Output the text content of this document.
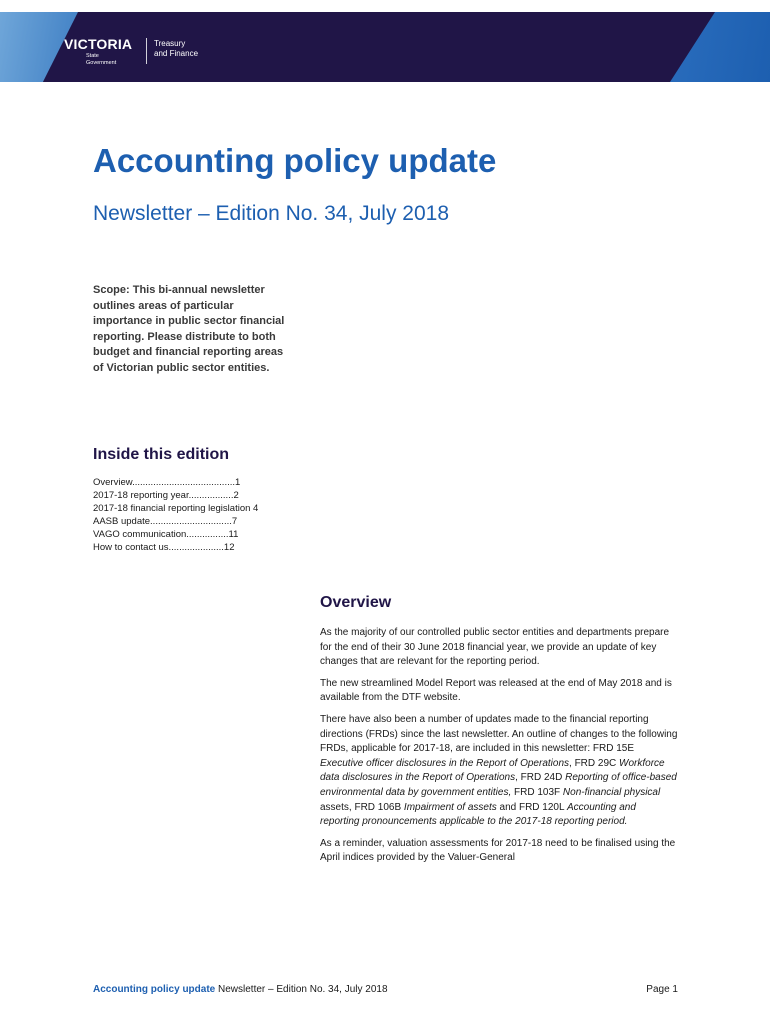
VICTORIA
State
Government
Treasury
and Finance
Accounting policy update
Newsletter – Edition No. 34, July 2018

Scope: This bi-annual newsletter outlines areas of particular importance in public sector financial reporting. Please distribute to both budget and financial reporting areas of Victorian public sector entities.

Inside this edition
Overview.......................................1
2017-18 reporting year.................2
2017-18 financial reporting legislation 4
AASB update...............................7
VAGO communication................11
How to contact us.....................12
Overview

As the majority of our controlled public sector entities and departments prepare for the end of their 30 June 2018 financial year, we provide an update of key changes that are relevant for the reporting period.

The new streamlined Model Report was released at the end of May 2018 and is available from the DTF website.

There have also been a number of updates made to the financial reporting directions (FRDs) since the last newsletter. An outline of changes to the following FRDs, applicable for 2017-18, are included in this newsletter: FRD 15E Executive officer disclosures in the Report of Operations, FRD 29C Workforce data disclosures in the Report of Operations, FRD 24D Reporting of office-based environmental data by government entities, FRD 103F Non-financial physical assets, FRD 106B Impairment of assets and FRD 120L Accounting and reporting pronouncements applicable to the 2017-18 reporting period.

As a reminder, valuation assessments for 2017-18 need to be finalised using the April indices provided by the Valuer-General

Accounting policy update Newsletter – Edition No. 34, July 2018	Page 1
